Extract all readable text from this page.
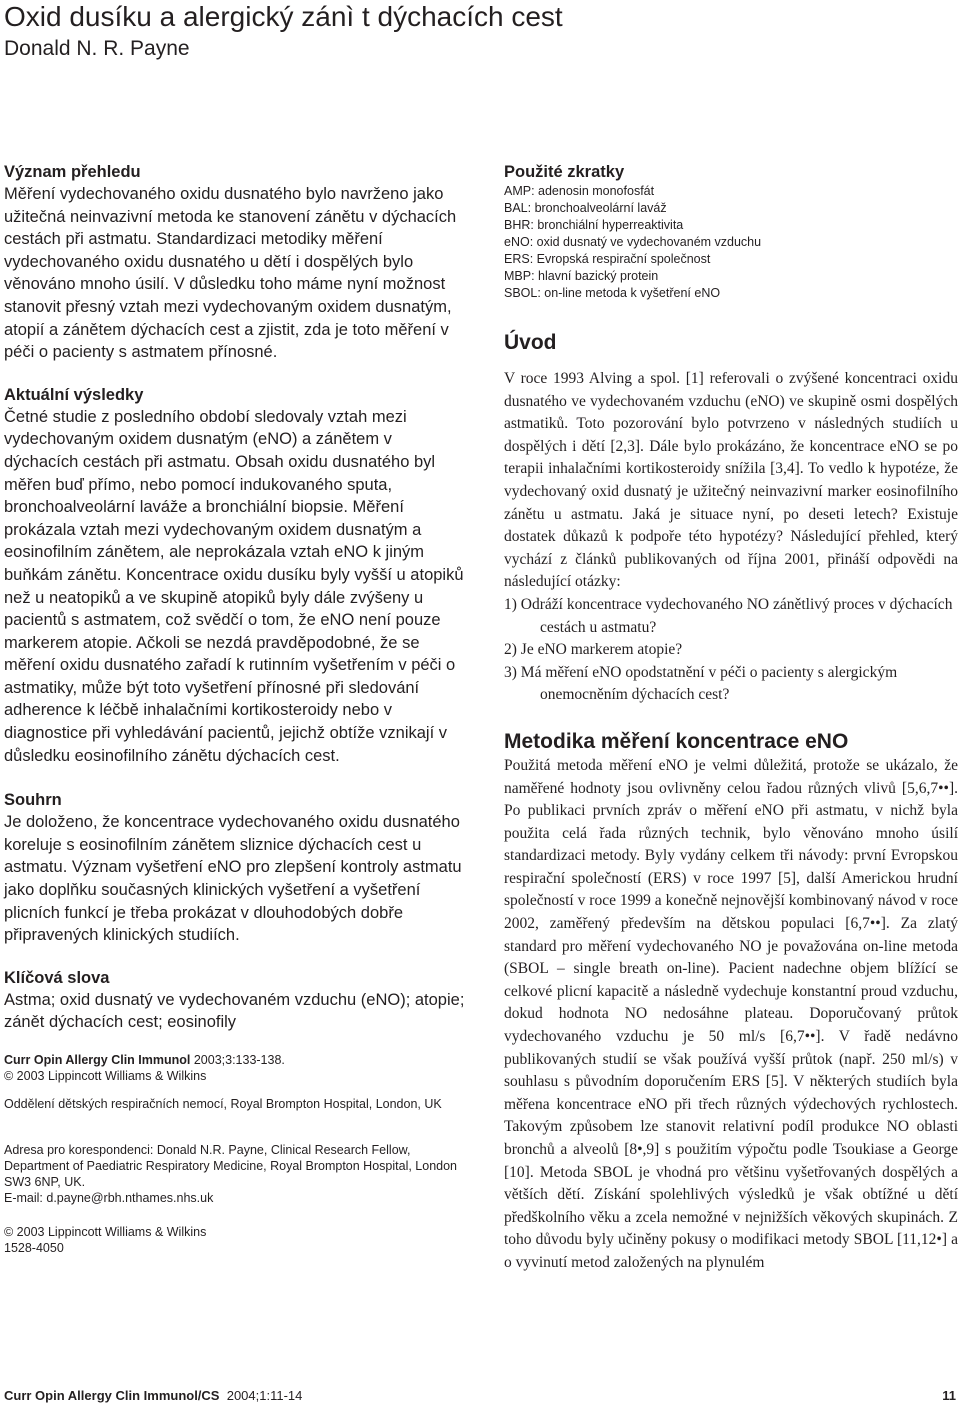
Oxid dusíku a alergický zánì t dýchacích cest
Donald N. R. Payne
Význam přehledu

Měření vydechovaného oxidu dusnatého bylo navrženo jako užitečná neinvazivní metoda ke stanovení zánětu v dýchacích cestách při astmatu. Standardizaci metodiky měření vydechovaného oxidu dusnatého u dětí i dospělých bylo věnováno mnoho úsilí. V důsledku toho máme nyní možnost stanovit přesný vztah mezi vydechovaným oxidem dusnatým, atopií a zánětem dýchacích cest a zjistit, zda je toto měření v péči o pacienty s astmatem přínosné.

Aktuální výsledky

Četné studie z posledního období sledovaly vztah mezi vydechovaným oxidem dusnatým (eNO) a zánětem v dýchacích cestách při astmatu. Obsah oxidu dusnatého byl měřen buď přímo, nebo pomocí indukovaného sputa, bronchoalveolární laváže a bronchiální biopsie. Měření prokázala vztah mezi vydechovaným oxidem dusnatým a eosinofilním zánětem, ale neprokázala vztah eNO k jiným buňkám zánětu. Koncentrace oxidu dusíku byly vyšší u atopiků než u neatopiků a ve skupině atopiků byly dále zvýšeny u pacientů s astmatem, což svědčí o tom, že eNO není pouze markerem atopie. Ačkoli se nezdá pravděpodobné, že se měření oxidu dusnatého zařadí k rutinním vyšetřením v péči o astmatiky, může být toto vyšetření přínosné při sledování adherence k léčbě inhalačními kortikosteroidy nebo v diagnostice při vyhledávání pacientů, jejichž obtíže vznikají v důsledku eosinofilního zánětu dýchacích cest.

Souhrn

Je doloženo, že koncentrace vydechovaného oxidu dusnatého koreluje s eosinofilním zánětem sliznice dýchacích cest u astmatu. Význam vyšetření eNO pro zlepšení kontroly astmatu jako doplňku současných klinických vyšetření a vyšetření plicních funkcí je třeba prokázat v dlouhodobých dobře připravených klinických studiích.

Klíčová slova

Astma; oxid dusnatý ve vydechovaném vzduchu (eNO); atopie; zánět dýchacích cest; eosinofily

Curr Opin Allergy Clin Immunol 2003;3:133-138.

© 2003 Lippincott Williams & Wilkins

Oddělení dětských respiračních nemocí, Royal Brompton Hospital, London, UK

Adresa pro korespondenci: Donald N.R. Payne, Clinical Research Fellow, Department of Paediatric Respiratory Medicine, Royal Brompton Hospital, London SW3 6NP, UK.

E-mail: d.payne@rbh.nthames.nhs.uk

© 2003 Lippincott Williams & Wilkins

1528-4050

Použité zkratky

AMP: adenosin monofosfát

BAL: bronchoalveolární laváž

BHR: bronchiální hyperreaktivita

eNO: oxid dusnatý ve vydechovaném vzduchu

ERS: Evropská respirační společnost

MBP: hlavní bazický protein

SBOL: on-line metoda k vyšetření eNO

Úvod

V roce 1993 Alving a spol. [1] referovali o zvýšené koncentraci oxidu dusnatého ve vydechovaném vzduchu (eNO) ve skupině osmi dospělých astmatiků. Toto pozorování bylo potvrzeno v následných studiích u dospělých i dětí [2,3]. Dále bylo prokázáno, že koncentrace eNO se po terapii inhalačními kortikosteroidy snížila [3,4]. To vedlo k hypotéze, že vydechovaný oxid dusnatý je užitečný neinvazivní marker eosinofilního zánětu u astmatu. Jaká je situace nyní, po deseti letech? Existuje dostatek důkazů k podpoře této hypotézy? Následující přehled, který vychází z článků publikovaných od října 2001, přináší odpovědi na následující otázky:

1) Odráží koncentrace vydechovaného NO zánětlivý proces v dýchacích cestách u astmatu?
2) Je eNO markerem atopie?
3) Má měření eNO opodstatnění v péči o pacienty s alergickým onemocněním dýchacích cest?
Metodika měření koncentrace eNO

Použitá metoda měření eNO je velmi důležitá, protože se ukázalo, že naměřené hodnoty jsou ovlivněny celou řadou různých vlivů [5,6,7••]. Po publikaci prvních zpráv o měření eNO při astmatu, v nichž byla použita celá řada různých technik, bylo věnováno mnoho úsilí standardizaci metody. Byly vydány celkem tři návody: první Evropskou respirační společností (ERS) v roce 1997 [5], další Americkou hrudní společností v roce 1999 a konečně nejnovější kombinovaný návod v roce 2002, zaměřený především na dětskou populaci [6,7••]. Za zlatý standard pro měření vydechovaného NO je považována on-line metoda (SBOL – single breath on-line). Pacient nadechne objem blížící se celkové plicní kapacitě a následně vydechuje konstantní proud vzduchu, dokud hodnota NO nedosáhne plateau. Doporučovaný průtok vydechovaného vzduchu je 50 ml/s [6,7••]. V řadě nedávno publikovaných studií se však používá vyšší průtok (např. 250 ml/s) v souhlasu s původním doporučením ERS [5]. V některých studiích byla měřena koncentrace eNO při třech různých výdechových rychlostech. Takovým způsobem lze stanovit relativní podíl produkce NO oblasti bronchů a alveolů [8•,9] s použitím výpočtu podle Tsoukiase a George [10]. Metoda SBOL je vhodná pro většinu vyšetřovaných dospělých a větších dětí. Získání spolehlivých výsledků je však obtížné u dětí předškolního věku a zcela nemožné v nejnižších věkových skupinách. Z toho důvodu byly učiněny pokusy o modifikaci metody SBOL [11,12•] a o vyvinutí metod založených na plynulém

Curr Opin Allergy Clin Immunol/CS 2004;1:11-14	11
